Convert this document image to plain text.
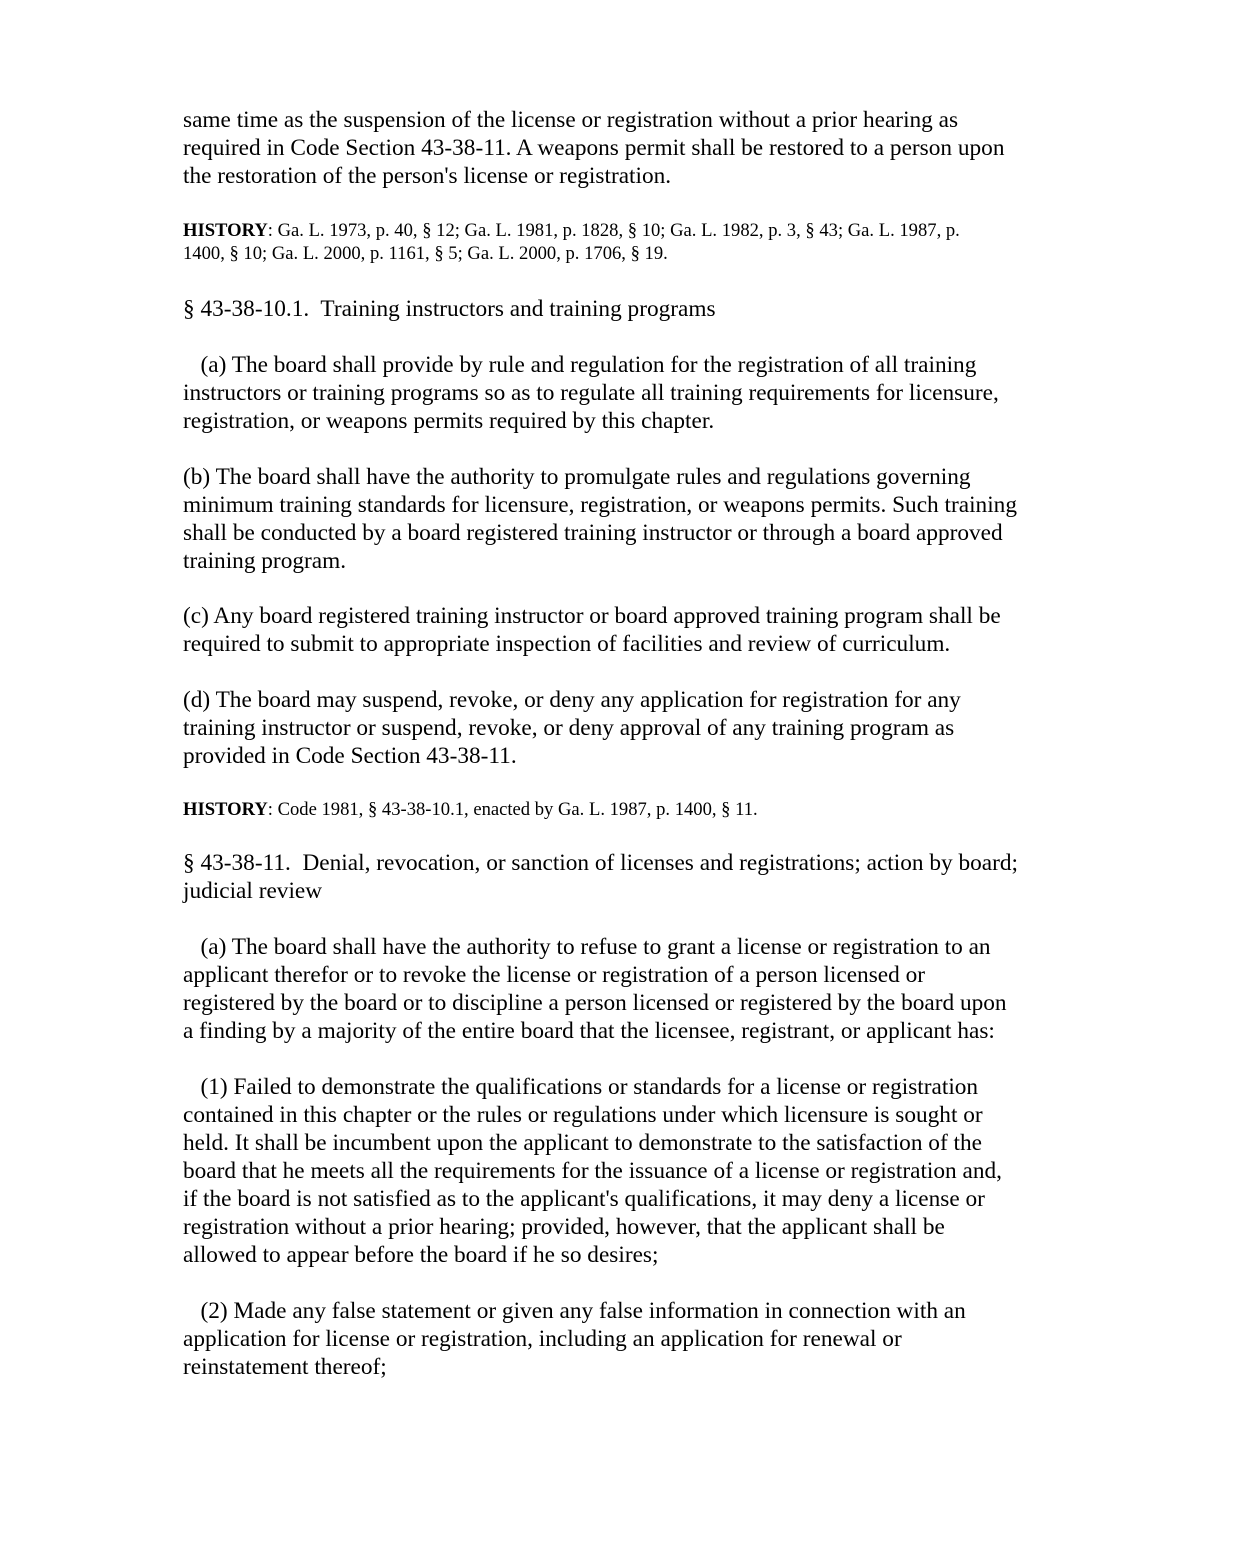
same time as the suspension of the license or registration without a prior hearing as
required in Code Section 43-38-11. A weapons permit shall be restored to a person upon
the restoration of the person's license or registration.

HISTORY: Ga. L. 1973, p. 40, § 12; Ga. L. 1981, p. 1828, § 10; Ga. L. 1982, p. 3, § 43; Ga. L. 1987, p.
1400, § 10; Ga. L. 2000, p. 1161, § 5; Ga. L. 2000, p. 1706, § 19.

§ 43-38-10.1.  Training instructors and training programs

(a) The board shall provide by rule and regulation for the registration of all training
instructors or training programs so as to regulate all training requirements for licensure,
registration, or weapons permits required by this chapter.

(b) The board shall have the authority to promulgate rules and regulations governing
minimum training standards for licensure, registration, or weapons permits. Such training
shall be conducted by a board registered training instructor or through a board approved
training program.

(c) Any board registered training instructor or board approved training program shall be
required to submit to appropriate inspection of facilities and review of curriculum.

(d) The board may suspend, revoke, or deny any application for registration for any
training instructor or suspend, revoke, or deny approval of any training program as
provided in Code Section 43-38-11.

HISTORY: Code 1981, § 43-38-10.1, enacted by Ga. L. 1987, p. 1400, § 11.

§ 43-38-11.  Denial, revocation, or sanction of licenses and registrations; action by board;
judicial review

(a) The board shall have the authority to refuse to grant a license or registration to an
applicant therefor or to revoke the license or registration of a person licensed or
registered by the board or to discipline a person licensed or registered by the board upon
a finding by a majority of the entire board that the licensee, registrant, or applicant has:

(1) Failed to demonstrate the qualifications or standards for a license or registration
contained in this chapter or the rules or regulations under which licensure is sought or
held. It shall be incumbent upon the applicant to demonstrate to the satisfaction of the
board that he meets all the requirements for the issuance of a license or registration and,
if the board is not satisfied as to the applicant's qualifications, it may deny a license or
registration without a prior hearing; provided, however, that the applicant shall be
allowed to appear before the board if he so desires;

(2) Made any false statement or given any false information in connection with an
application for license or registration, including an application for renewal or
reinstatement thereof;
